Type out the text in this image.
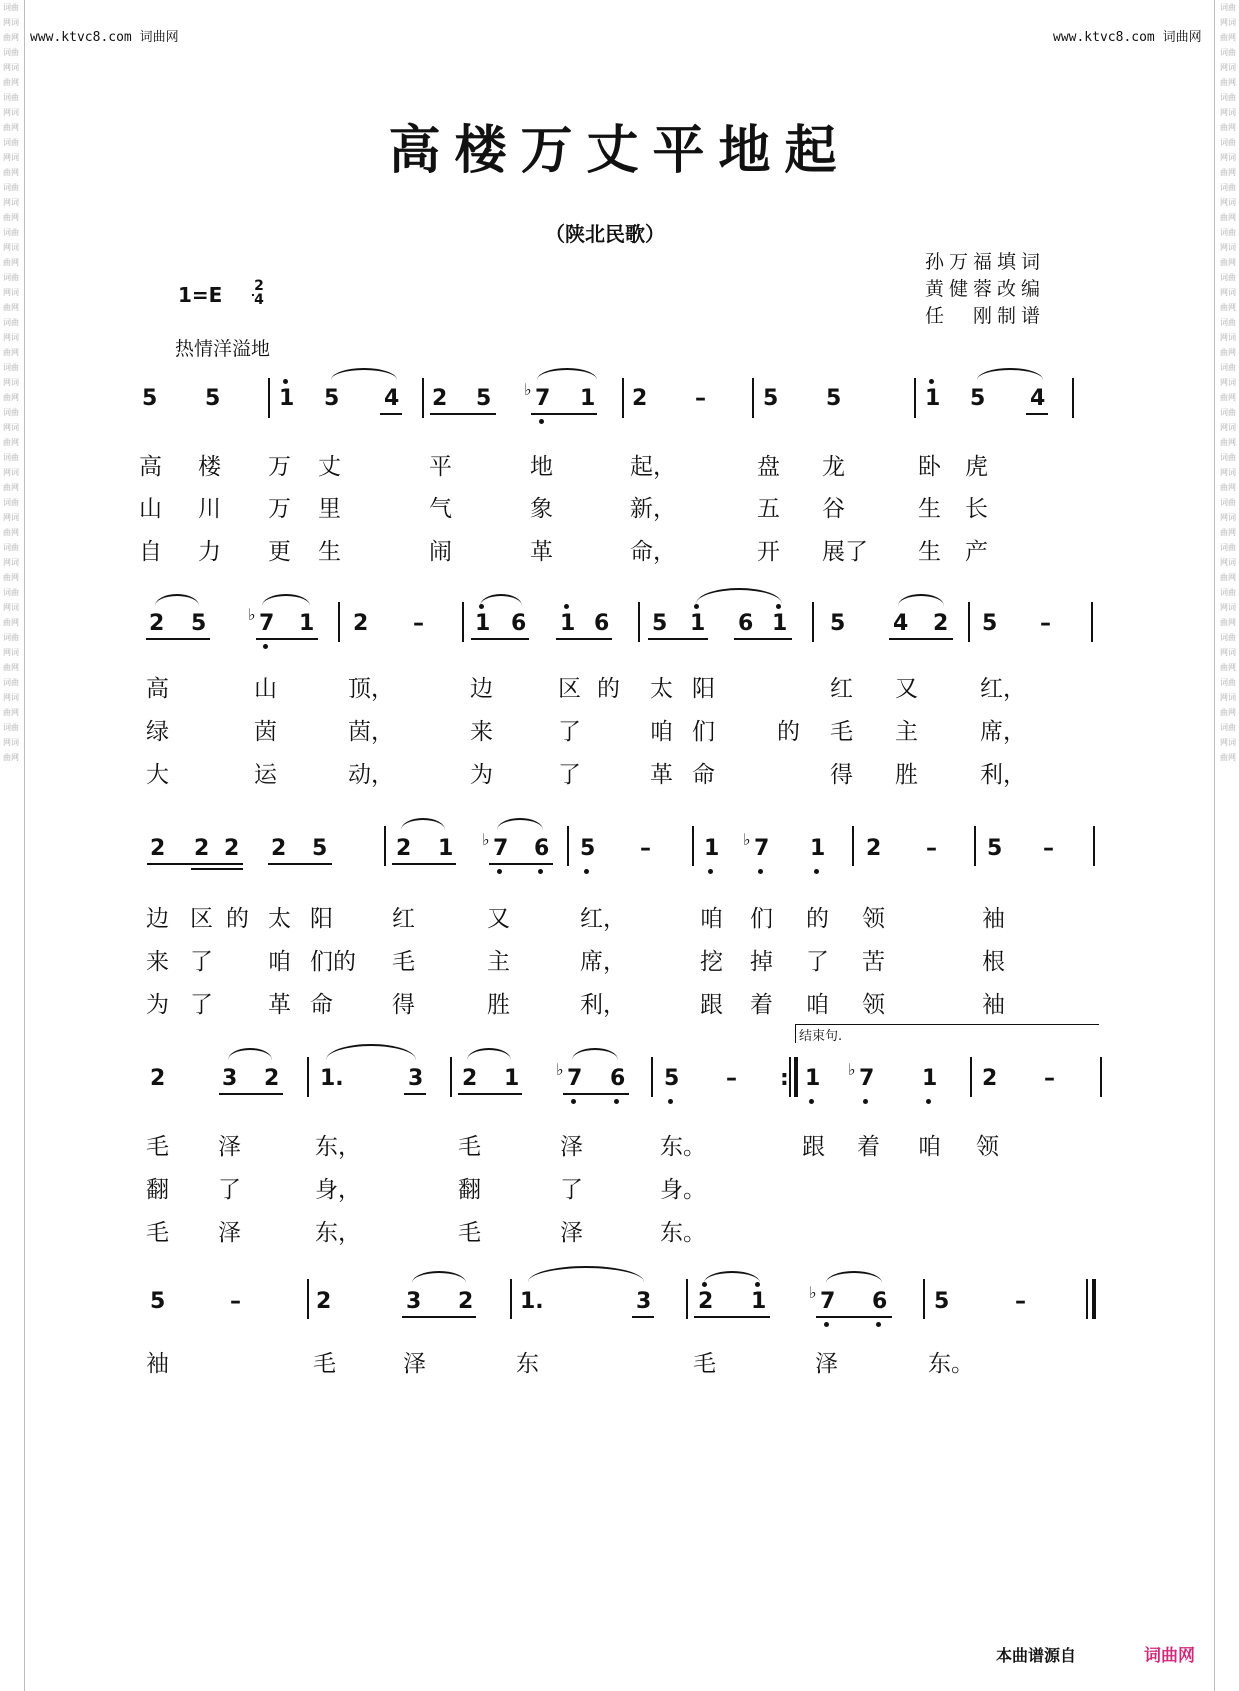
词曲网词曲网词曲网词曲网词曲网词曲网词曲网词曲网词曲网词曲网词曲网词曲网词曲网词曲网词曲网词曲网词曲网词曲网词曲网词曲网词曲网词曲网词曲网词曲网词曲网词曲网词曲网词曲网词曲网词曲网词曲网词曲网词曲网词曲网
词曲网词曲网词曲网词曲网词曲网词曲网词曲网词曲网词曲网词曲网词曲网词曲网词曲网词曲网词曲网词曲网词曲网词曲网词曲网词曲网词曲网词曲网词曲网词曲网词曲网词曲网词曲网词曲网词曲网词曲网词曲网词曲网词曲网词曲网
www.ktvc8.com 词曲网	www.ktvc8.com 词曲网
高楼万丈平地起
（陕北民歌）
孙万福填词
黄健蓉改编
任　刚制谱
1=E 2
4
热情洋溢地
5 5	1 5 4 2 5 ♭ 7 1 2 –	5 5	1 5 4
高 楼 万 丈	平	地	起，	盘 龙	卧 虎
山 川 万 里	气	象	新，	五 谷	生 长
自 力 更 生	闹	革	命，	开 展了 生 产
2 5	♭ 7 1 2 – 1 6 1 6 5 1 6 1 5 4 2 5 –
高	山	顶，	边	区 的 太 阳	红 又	红，
绿	茵	茵，	来	了	咱 们	的 毛 主	席，
大	运	动，	为	了	革 命	得 胜	利，
2 2 2 2 5	2 1 ♭ 7 6 5 – 1 ♭ 7 1 2 – 5 –
边 区 的 太 阳	红	又	红，	咱 们 的 领	袖
来 了 咱 们的 毛	主	席，	挖 掉 了 苦	根
为 了 革 命	得	胜	利，	跟 着 咱 领	袖
结束句.
2	3 2 1.	3 2 1 ♭ 7 6 5 – : 1 ♭ 7 1 2 –
毛 泽	东，	毛	泽	东。	跟 着 咱 领
翻 了	身，	翻	了	身。
毛 泽	东，	毛	泽	东。
5	–	2	3 2 1.	3 2 1	♭ 7 6 5	–
袖	毛	泽	东	毛	泽	东。
本曲谱源自	词曲网
